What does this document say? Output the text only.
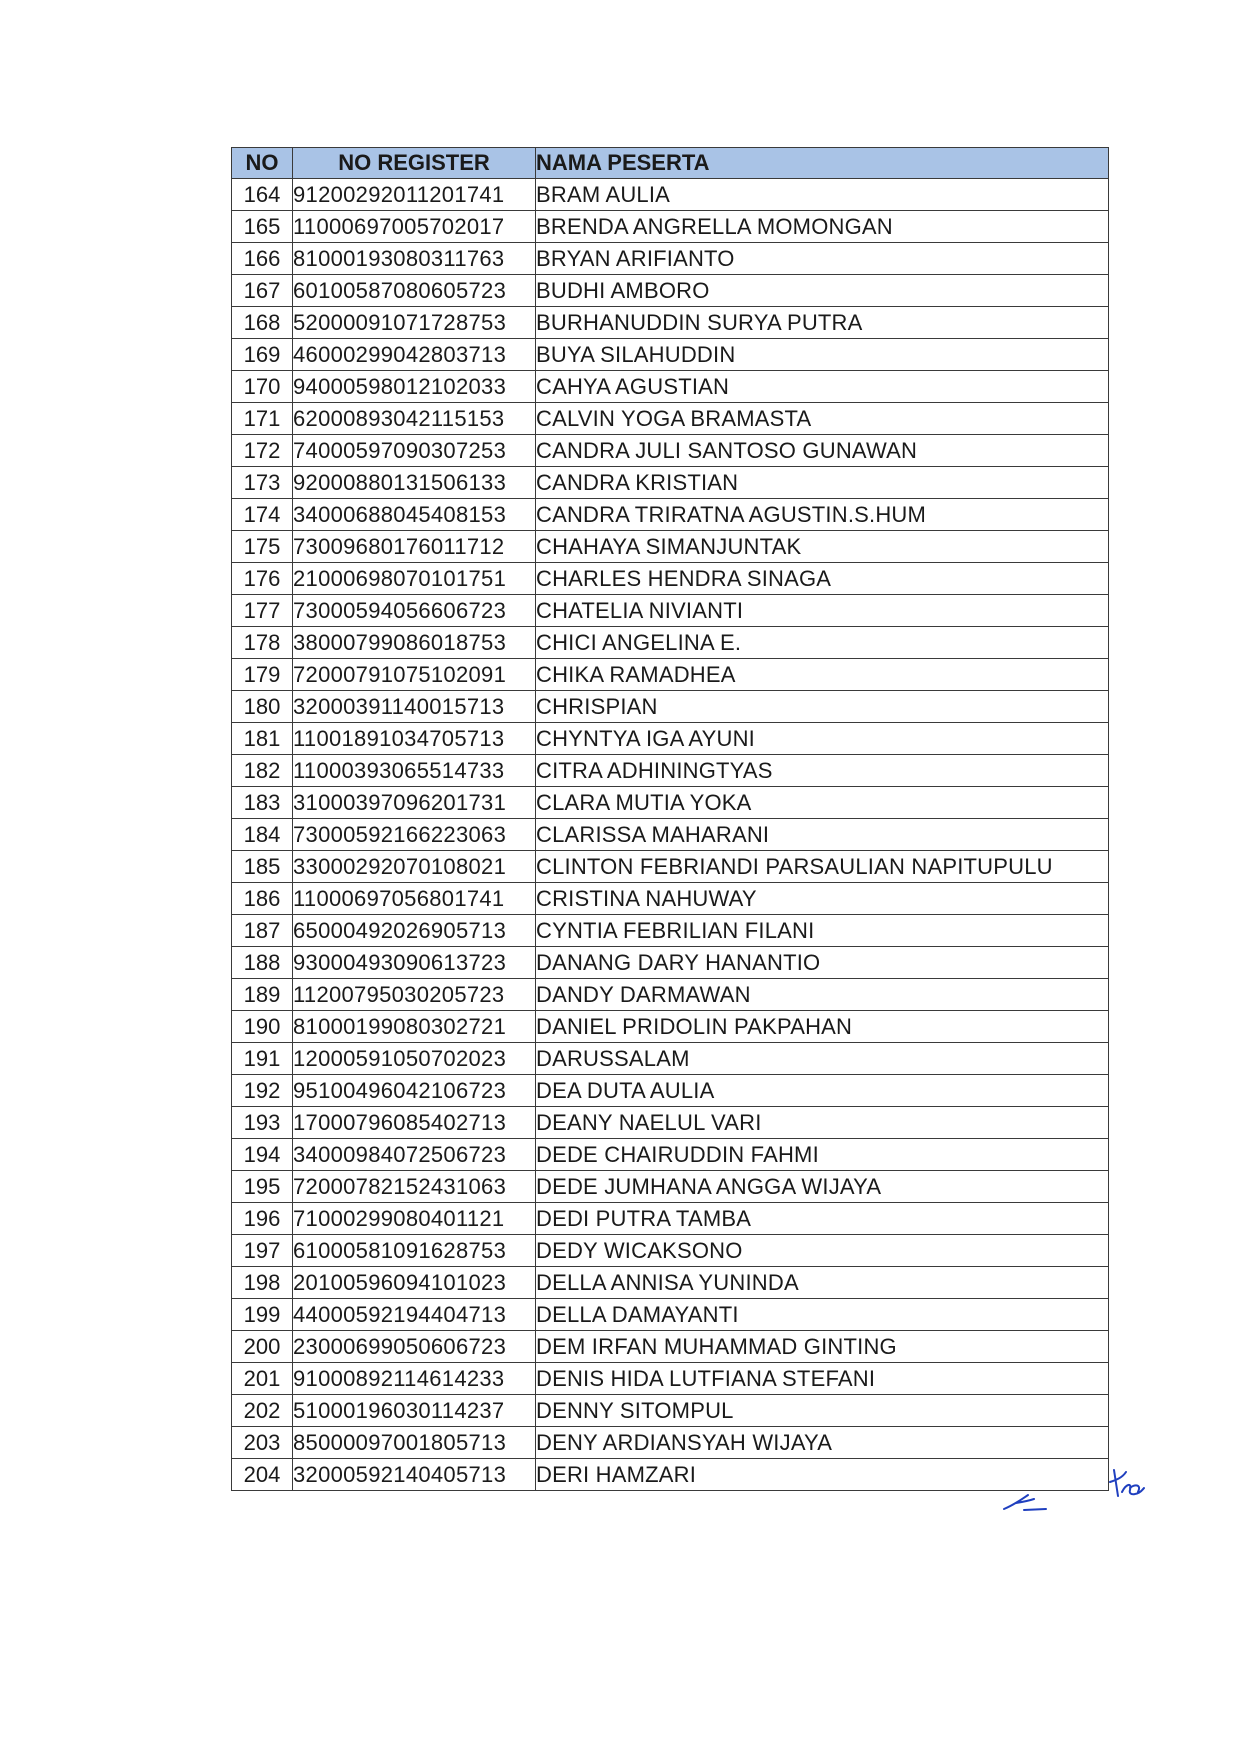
NO	NO REGISTER	NAMA PESERTA
164	91200292011201741	BRAM AULIA
165	11000697005702017	BRENDA ANGRELLA MOMONGAN
166	81000193080311763	BRYAN ARIFIANTO
167	60100587080605723	BUDHI AMBORO
168	52000091071728753	BURHANUDDIN SURYA PUTRA
169	46000299042803713	BUYA SILAHUDDIN
170	94000598012102033	CAHYA AGUSTIAN
171	62000893042115153	CALVIN YOGA BRAMASTA
172	74000597090307253	CANDRA JULI SANTOSO GUNAWAN
173	92000880131506133	CANDRA KRISTIAN
174	34000688045408153	CANDRA TRIRATNA AGUSTIN.S.HUM
175	73009680176011712	CHAHAYA SIMANJUNTAK
176	21000698070101751	CHARLES HENDRA SINAGA
177	73000594056606723	CHATELIA NIVIANTI
178	38000799086018753	CHICI ANGELINA E.
179	72000791075102091	CHIKA RAMADHEA
180	32000391140015713	CHRISPIAN
181	11001891034705713	CHYNTYA IGA AYUNI
182	11000393065514733	CITRA ADHININGTYAS
183	31000397096201731	CLARA MUTIA YOKA
184	73000592166223063	CLARISSA MAHARANI
185	33000292070108021	CLINTON FEBRIANDI PARSAULIAN NAPITUPULU
186	11000697056801741	CRISTINA NAHUWAY
187	65000492026905713	CYNTIA FEBRILIAN FILANI
188	93000493090613723	DANANG DARY HANANTIO
189	11200795030205723	DANDY DARMAWAN
190	81000199080302721	DANIEL PRIDOLIN PAKPAHAN
191	12000591050702023	DARUSSALAM
192	95100496042106723	DEA DUTA AULIA
193	17000796085402713	DEANY NAELUL VARI
194	34000984072506723	DEDE CHAIRUDDIN FAHMI
195	72000782152431063	DEDE JUMHANA ANGGA WIJAYA
196	71000299080401121	DEDI PUTRA TAMBA
197	61000581091628753	DEDY WICAKSONO
198	20100596094101023	DELLA ANNISA YUNINDA
199	44000592194404713	DELLA DAMAYANTI
200	23000699050606723	DEM IRFAN MUHAMMAD GINTING
201	91000892114614233	DENIS HIDA LUTFIANA STEFANI
202	51000196030114237	DENNY SITOMPUL
203	85000097001805713	DENY ARDIANSYAH WIJAYA
204	32000592140405713	DERI HAMZARI
